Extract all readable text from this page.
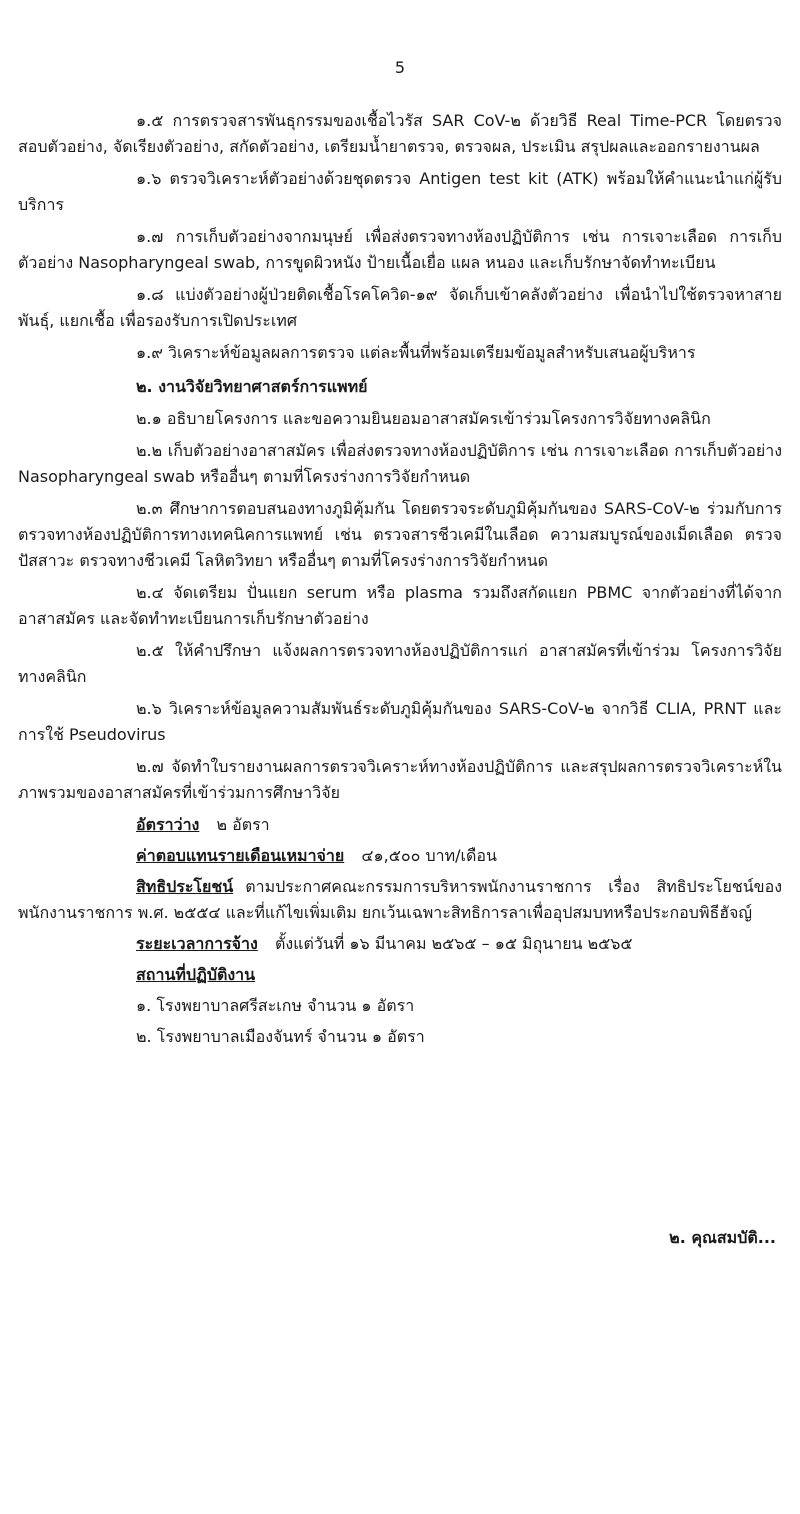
5

๑.๕ การตรวจสารพันธุกรรมของเชื้อไวรัส SAR CoV-๒ ด้วยวิธี Real Time-PCR โดยตรวจสอบตัวอย่าง, จัดเรียงตัวอย่าง, สกัดตัวอย่าง, เตรียมน้ำยาตรวจ, ตรวจผล, ประเมิน สรุปผลและออกรายงานผล

๑.๖ ตรวจวิเคราะห์ตัวอย่างด้วยชุดตรวจ Antigen test kit (ATK) พร้อมให้คำแนะนำแก่ผู้รับบริการ

๑.๗ การเก็บตัวอย่างจากมนุษย์ เพื่อส่งตรวจทางห้องปฏิบัติการ เช่น การเจาะเลือด การเก็บตัวอย่าง Nasopharyngeal swab, การขูดผิวหนัง ป้ายเนื้อเยื่อ แผล หนอง และเก็บรักษาจัดทำทะเบียน

๑.๘ แบ่งตัวอย่างผู้ป่วยติดเชื้อโรคโควิด-๑๙ จัดเก็บเข้าคลังตัวอย่าง เพื่อนำไปใช้ตรวจหาสายพันธุ์, แยกเชื้อ เพื่อรองรับการเปิดประเทศ

๑.๙ วิเคราะห์ข้อมูลผลการตรวจ แต่ละพื้นที่พร้อมเตรียมข้อมูลสำหรับเสนอผู้บริหาร

๒. งานวิจัยวิทยาศาสตร์การแพทย์

๒.๑ อธิบายโครงการ และขอความยินยอมอาสาสมัครเข้าร่วมโครงการวิจัยทางคลินิก

๒.๒ เก็บตัวอย่างอาสาสมัคร เพื่อส่งตรวจทางห้องปฏิบัติการ เช่น การเจาะเลือด การเก็บตัวอย่าง Nasopharyngeal swab หรืออื่นๆ ตามที่โครงร่างการวิจัยกำหนด

๒.๓ ศึกษาการตอบสนองทางภูมิคุ้มกัน โดยตรวจระดับภูมิคุ้มกันของ SARS-CoV-๒ ร่วมกับการตรวจทางห้องปฏิบัติการทางเทคนิคการแพทย์ เช่น ตรวจสารชีวเคมีในเลือด ความสมบูรณ์ของเม็ดเลือด ตรวจปัสสาวะ ตรวจทางชีวเคมี โลหิตวิทยา หรืออื่นๆ ตามที่โครงร่างการวิจัยกำหนด

๒.๔ จัดเตรียม ปั่นแยก serum หรือ plasma รวมถึงสกัดแยก PBMC จากตัวอย่างที่ได้จากอาสาสมัคร และจัดทำทะเบียนการเก็บรักษาตัวอย่าง

๒.๕ ให้คำปรึกษา แจ้งผลการตรวจทางห้องปฏิบัติการแก่ อาสาสมัครที่เข้าร่วม โครงการวิจัยทางคลินิก

๒.๖ วิเคราะห์ข้อมูลความสัมพันธ์ระดับภูมิคุ้มกันของ SARS-CoV-๒ จากวิธี CLIA, PRNT และการใช้ Pseudovirus

๒.๗ จัดทำใบรายงานผลการตรวจวิเคราะห์ทางห้องปฏิบัติการ และสรุปผลการตรวจวิเคราะห์ในภาพรวมของอาสาสมัครที่เข้าร่วมการศึกษาวิจัย

อัตราว่าง ๒ อัตรา
ค่าตอบแทนรายเดือนเหมาจ่าย ๔๑,๕๐๐ บาท/เดือน
สิทธิประโยชน์ ตามประกาศคณะกรรมการบริหารพนักงานราชการ เรื่อง สิทธิประโยชน์ของพนักงานราชการ พ.ศ. ๒๕๕๔ และที่แก้ไขเพิ่มเติม ยกเว้นเฉพาะสิทธิการลาเพื่ออุปสมบทหรือประกอบพิธีฮัจญ์
ระยะเวลาการจ้าง ตั้งแต่วันที่ ๑๖ มีนาคม ๒๕๖๕ – ๑๕ มิถุนายน ๒๕๖๕
สถานที่ปฏิบัติงาน
๑. โรงพยาบาลศรีสะเกษ จำนวน ๑ อัตรา
๒. โรงพยาบาลเมืองจันทร์ จำนวน ๑ อัตรา
๒. คุณสมบัติ...
